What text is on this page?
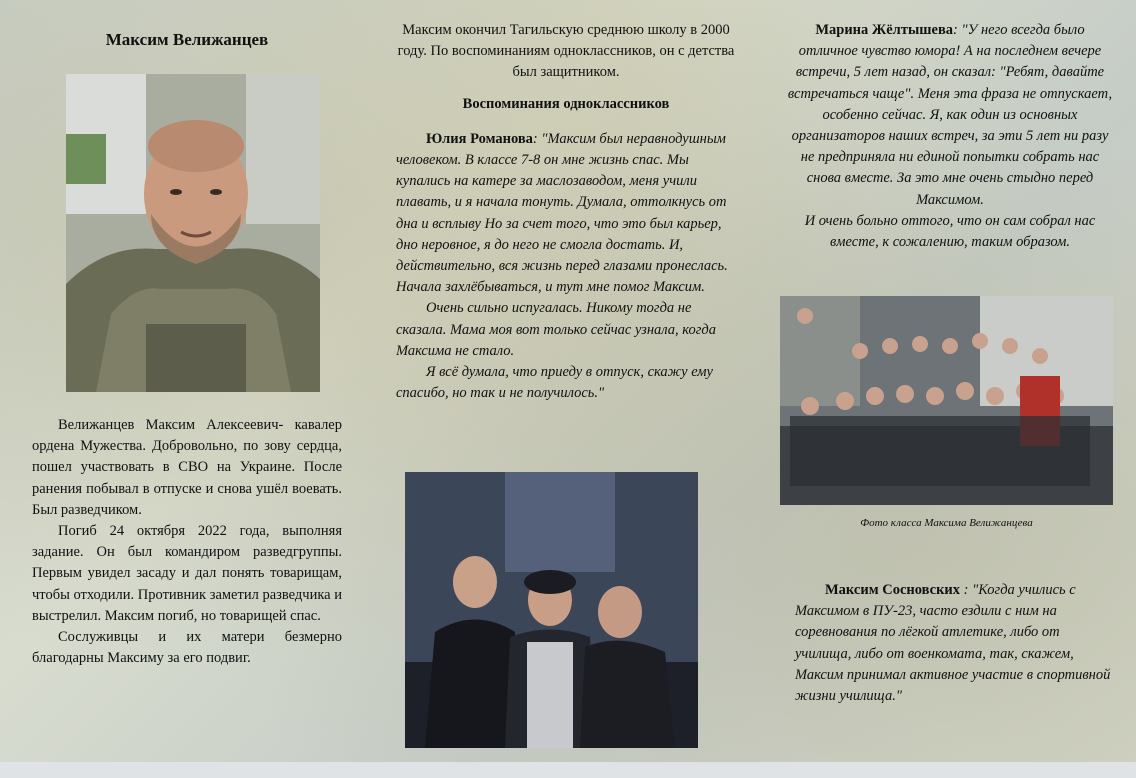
Максим Велижанцев

Велижанцев Максим Алексеевич- кавалер ордена Мужества. Добровольно, по зову сердца, пошел участвовать в СВО на Украине. После ранения побывал в отпуске и снова ушёл воевать. Был разведчиком.

Погиб 24 октября 2022 года, выполняя задание. Он был командиром разведгруппы. Первым увидел засаду и дал понять товарищам, чтобы отходили. Противник заметил разведчика и выстрелил. Максим погиб, но товарищей спас.

Сослуживцы и их матери безмерно благодарны Максиму за его подвиг.

Максим окончил Тагильскую среднюю школу в 2000 году. По воспоминаниям одноклассников, он с детства был защитником.

Воспоминания одноклассников

Юлия Романова: "Максим был неравнодушным человеком. В классе 7-8 он мне жизнь спас. Мы купались на катере за маслозаводом, меня учили плавать, и я начала тонуть. Думала, оттолкнусь от дна и всплыву Но за счет того, что это был карьер, дно неровное, я до него не смогла достать. И, действительно, вся жизнь перед глазами пронеслась. Начала захлёбываться, и тут мне помог Максим.

Очень сильно испугалась. Никому тогда не сказала. Мама моя вот только сейчас узнала, когда Максима не стало.

Я всё думала, что приеду в отпуск, скажу ему спасибо, но так и не получилось."

Марина Жёлтышева: "У него всегда было отличное чувство юмора! А на последнем вечере встречи, 5 лет назад, он сказал: "Ребят, давайте встречаться чаще". Меня эта фраза не отпускает, особенно сейчас. Я, как один из основных организаторов наших встреч, за эти 5 лет ни разу не предприняла ни единой попытки собрать нас снова вместе. За это мне очень стыдно перед Максимом.

И очень больно оттого, что он сам собрал нас вместе, к сожалению, таким образом.

Фото класса Максима Велижанцева

Максим Сосновских : "Когда учились с Максимом в ПУ-23, часто ездили с ним на соревнования по лёгкой атлетике, либо от училища, либо от военкомата, так, скажем, Максим принимал активное участие в спортивной жизни училища."
